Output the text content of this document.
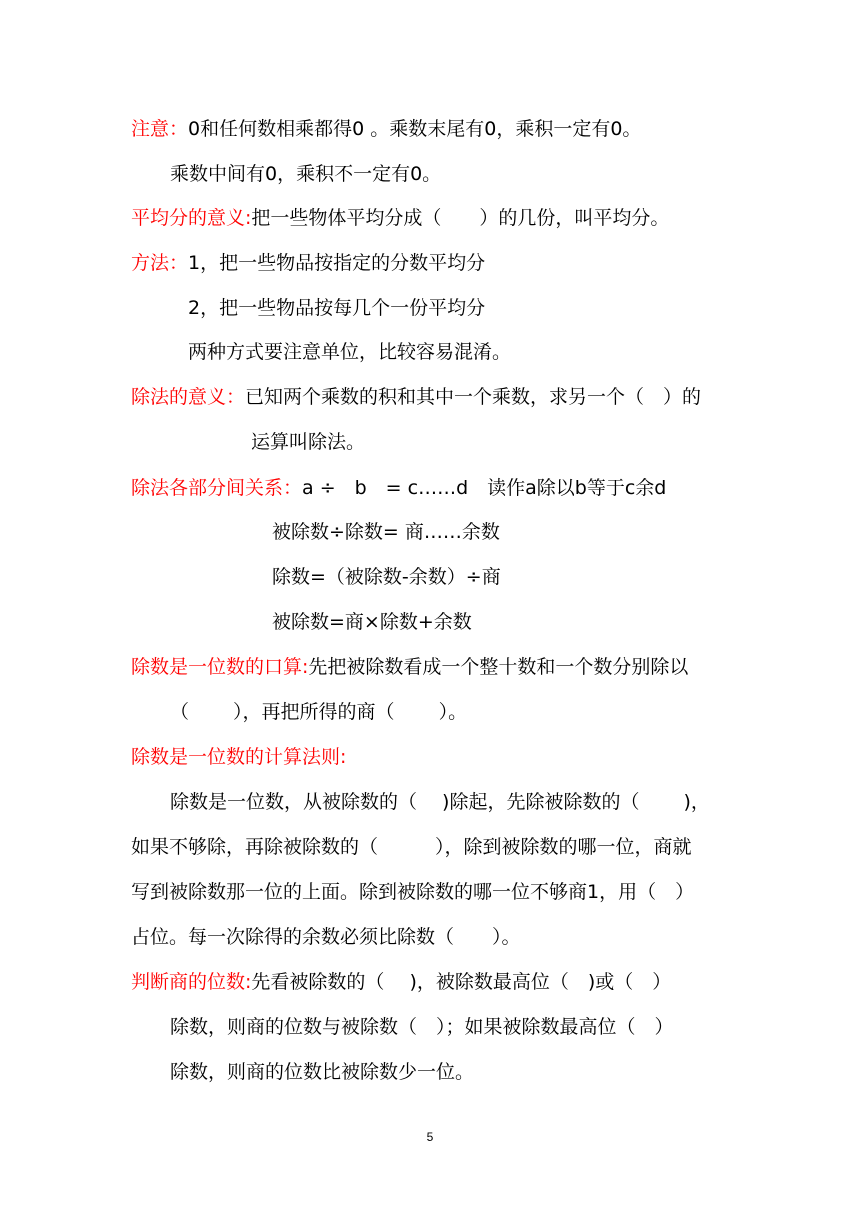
注意：0和任何数相乘都得0 。乘数末尾有0，乘积一定有0。
乘数中间有0，乘积不一定有0。
平均分的意义:把一些物体平均分成（　　）的几份，叫平均分。
方法：1，把一些物品按指定的分数平均分
2，把一些物品按每几个一份平均分
两种方式要注意单位，比较容易混淆。
除法的意义：已知两个乘数的积和其中一个乘数，求另一个（　）的
运算叫除法。
除法各部分间关系：a ÷　b　= c……d　读作a除以b等于c余d
被除数÷除数= 商……余数
除数=（被除数-余数）÷商
被除数=商×除数+余数
除数是一位数的口算:先把被除数看成一个整十数和一个数分别除以
（　　 ），再把所得的商（　　 ）。
除数是一位数的计算法则:
除数是一位数，从被除数的（　 )除起，先除被除数的（　　 )，
如果不够除，再除被除数的（　　　），除到被除数的哪一位，商就
写到被除数那一位的上面。除到被除数的哪一位不够商1，用（　）
占位。每一次除得的余数必须比除数（　　）。
判断商的位数:先看被除数的（　 )，被除数最高位（　)或（　）
除数，则商的位数与被除数（　）；如果被除数最高位（　）
除数，则商的位数比被除数少一位。
5
